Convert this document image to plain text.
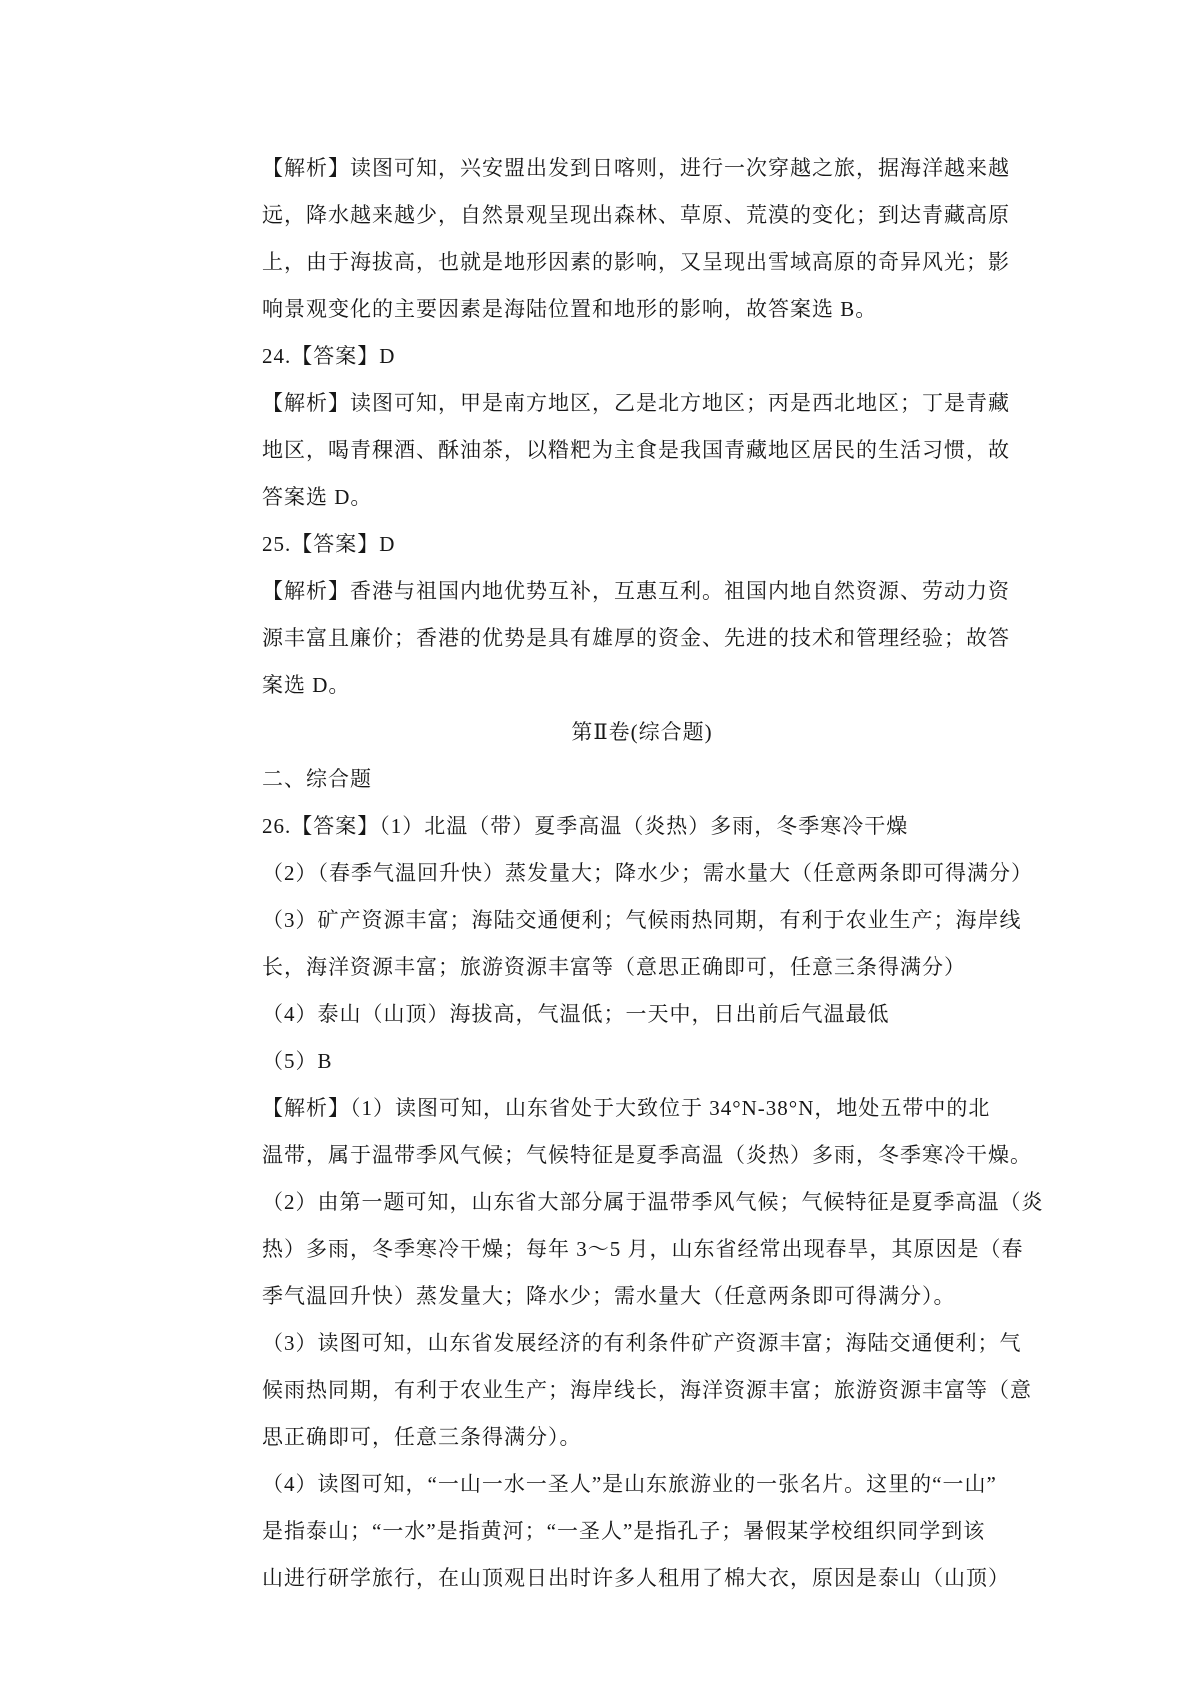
【解析】读图可知，兴安盟出发到日喀则，进行一次穿越之旅，据海洋越来越
远，降水越来越少，自然景观呈现出森林、草原、荒漠的变化；到达青藏高原
上，由于海拔高，也就是地形因素的影响，又呈现出雪域高原的奇异风光；影
响景观变化的主要因素是海陆位置和地形的影响，故答案选 B。
24.【答案】D
【解析】读图可知，甲是南方地区，乙是北方地区；丙是西北地区；丁是青藏
地区，喝青稞酒、酥油茶，以糌粑为主食是我国青藏地区居民的生活习惯，故
答案选 D。
25.【答案】D
【解析】香港与祖国内地优势互补，互惠互利。祖国内地自然资源、劳动力资
源丰富且廉价；香港的优势是具有雄厚的资金、先进的技术和管理经验；故答
案选 D。
第Ⅱ卷(综合题)
二、综合题
26.【答案】（1）北温（带）夏季高温（炎热）多雨，冬季寒冷干燥
（2）（春季气温回升快）蒸发量大；降水少；需水量大（任意两条即可得满分）
（3）矿产资源丰富；海陆交通便利；气候雨热同期，有利于农业生产；海岸线
长，海洋资源丰富；旅游资源丰富等（意思正确即可，任意三条得满分）
（4）泰山（山顶）海拔高，气温低；一天中，日出前后气温最低
（5）B
【解析】（1）读图可知，山东省处于大致位于 34°N-38°N，地处五带中的北
温带，属于温带季风气候；气候特征是夏季高温（炎热）多雨，冬季寒冷干燥。
（2）由第一题可知，山东省大部分属于温带季风气候；气候特征是夏季高温（炎
热）多雨，冬季寒冷干燥；每年 3～5 月，山东省经常出现春旱，其原因是（春
季气温回升快）蒸发量大；降水少；需水量大（任意两条即可得满分）。
（3）读图可知，山东省发展经济的有利条件矿产资源丰富；海陆交通便利；气
候雨热同期，有利于农业生产；海岸线长，海洋资源丰富；旅游资源丰富等（意
思正确即可，任意三条得满分）。
（4）读图可知，“一山一水一圣人”是山东旅游业的一张名片。这里的“一山”
是指泰山；“一水”是指黄河；“一圣人”是指孔子；暑假某学校组织同学到该
山进行研学旅行，在山顶观日出时许多人租用了棉大衣，原因是泰山（山顶）
